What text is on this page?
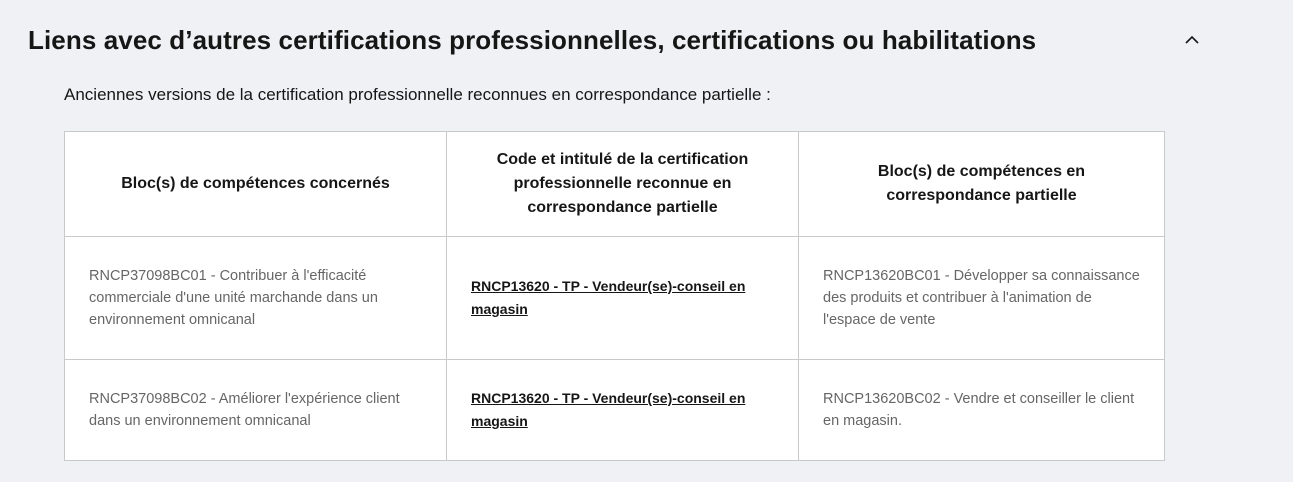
Liens avec d’autres certifications professionnelles, certifications ou habilitations
Anciennes versions de la certification professionnelle reconnues en correspondance partielle :
Bloc(s) de compétences concernés	Code et intitulé de la certification professionnelle reconnue en correspondance partielle	Bloc(s) de compétences en correspondance partielle
RNCP37098BC01 - Contribuer à l'efficacité commerciale d'une unité marchande dans un environnement omnicanal	RNCP13620 - TP - Vendeur(se)-conseil en magasin	RNCP13620BC01 - Développer sa connaissance des produits et contribuer à l'animation de l'espace de vente
RNCP37098BC02 - Améliorer l'expérience client dans un environnement omnicanal	RNCP13620 - TP - Vendeur(se)-conseil en magasin	RNCP13620BC02 - Vendre et conseiller le client en magasin.
